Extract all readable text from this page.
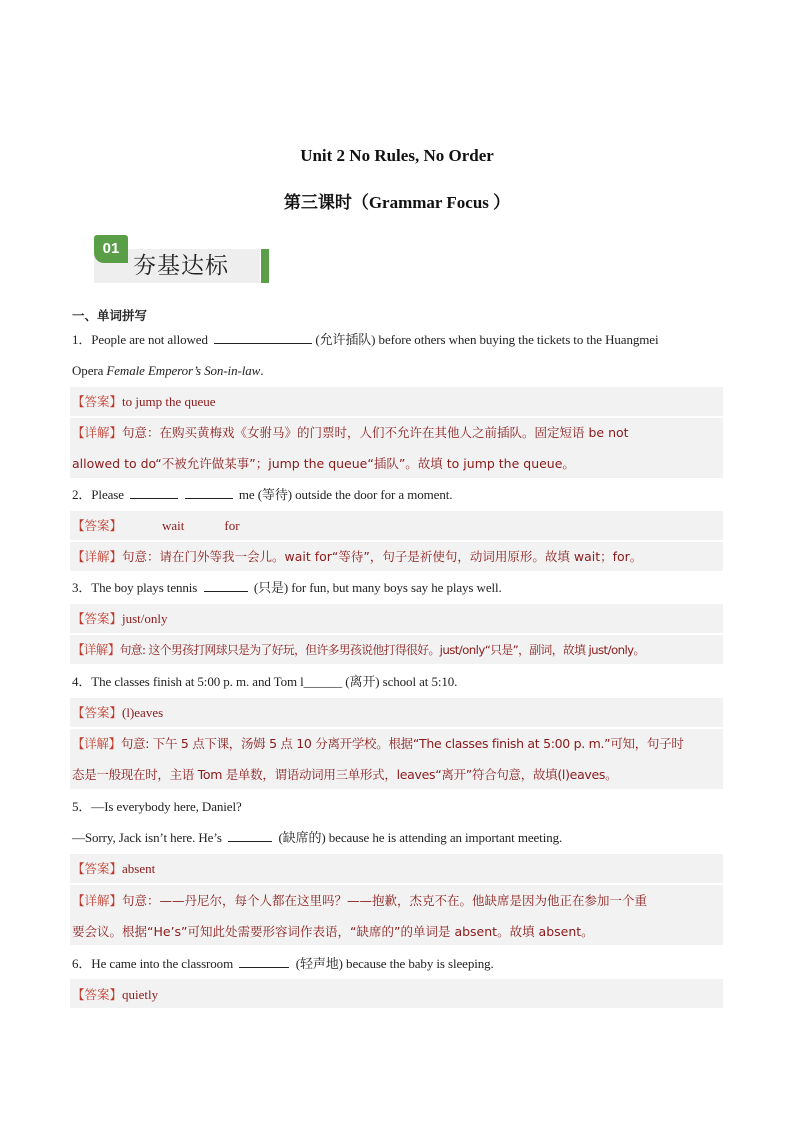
Unit 2 No Rules, No Order
第三课时（Grammar Focus ）
01
夯基达标
一、单词拼写
1．People are not allowed	(允许插队) before others when buying the tickets to the Huangmei
Opera Female Emperor’s Son-in-law.
【答案】to jump the queue
【详解】句意：在购买黄梅戏《女驸马》的门票时，人们不允许在其他人之前插队。固定短语 be not
allowed to do“不被允许做某事”；jump the queue“插队”。故填 to jump the queue。
2．Please	me (等待) outside the door for a moment.
【答案】	wait	for
【详解】句意：请在门外等我一会儿。wait for“等待”，句子是祈使句，动词用原形。故填 wait；for。
3．The boy plays tennis	(只是) for fun, but many boys say he plays well.
【答案】just/only
【详解】句意: 这个男孩打网球只是为了好玩，但许多男孩说他打得很好。just/only“只是”，副词，故填 just/only。
4．The classes finish at 5:00 p. m. and Tom l______ (离开) school at 5:10.
【答案】(l)eaves
【详解】句意: 下午 5 点下课，汤姆 5 点 10 分离开学校。根据“The classes finish at 5:00 p. m.”可知，句子时
态是一般现在时，主语 Tom 是单数，谓语动词用三单形式，leaves“离开”符合句意，故填(l)eaves。
5．—Is everybody here, Daniel?
—Sorry, Jack isn’t here. He’s	(缺席的) because he is attending an important meeting.
【答案】absent
【详解】句意：——丹尼尔，每个人都在这里吗？——抱歉，杰克不在。他缺席是因为他正在参加一个重
要会议。根据“He’s”可知此处需要形容词作表语，“缺席的”的单词是 absent。故填 absent。
6．He came into the classroom	(轻声地) because the baby is sleeping.
【答案】quietly
